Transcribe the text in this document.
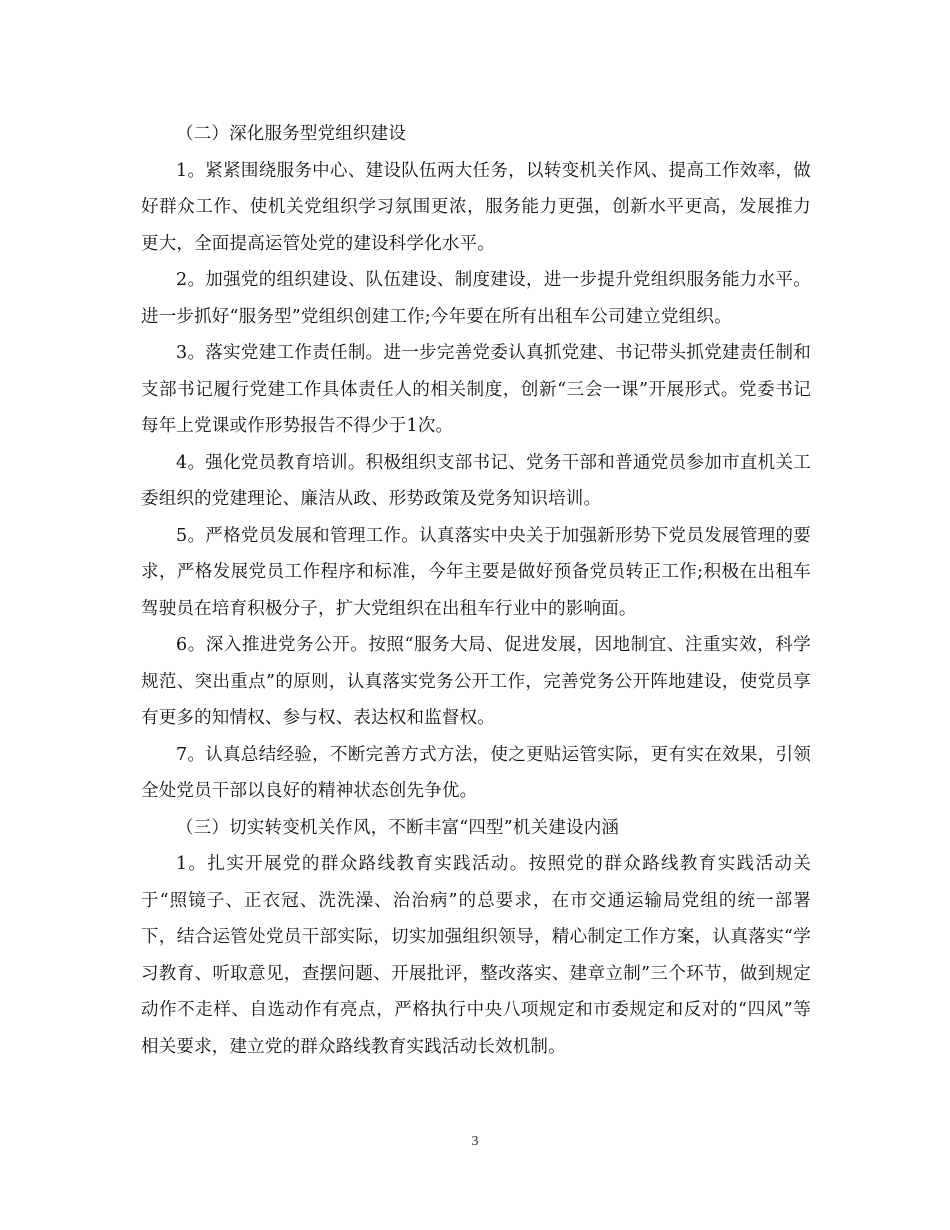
（二）深化服务型党组织建设

1。紧紧围绕服务中心、建设队伍两大任务，以转变机关作风、提高工作效率，做好群众工作、使机关党组织学习氛围更浓，服务能力更强，创新水平更高，发展推力更大，全面提高运管处党的建设科学化水平。

2。加强党的组织建设、队伍建设、制度建设，进一步提升党组织服务能力水平。进一步抓好“服务型”党组织创建工作;今年要在所有出租车公司建立党组织。

3。落实党建工作责任制。进一步完善党委认真抓党建、书记带头抓党建责任制和支部书记履行党建工作具体责任人的相关制度，创新“三会一课”开展形式。党委书记每年上党课或作形势报告不得少于1次。

4。强化党员教育培训。积极组织支部书记、党务干部和普通党员参加市直机关工委组织的党建理论、廉洁从政、形势政策及党务知识培训。

5。严格党员发展和管理工作。认真落实中央关于加强新形势下党员发展管理的要求，严格发展党员工作程序和标准，今年主要是做好预备党员转正工作;积极在出租车驾驶员在培育积极分子，扩大党组织在出租车行业中的影响面。

6。深入推进党务公开。按照“服务大局、促进发展，因地制宜、注重实效，科学规范、突出重点”的原则，认真落实党务公开工作，完善党务公开阵地建设，使党员享有更多的知情权、参与权、表达权和监督权。

7。认真总结经验，不断完善方式方法，使之更贴运管实际，更有实在效果，引领全处党员干部以良好的精神状态创先争优。

（三）切实转变机关作风，不断丰富“四型”机关建设内涵

1。扎实开展党的群众路线教育实践活动。按照党的群众路线教育实践活动关于“照镜子、正衣冠、洗洗澡、治治病”的总要求，在市交通运输局党组的统一部署下，结合运管处党员干部实际，切实加强组织领导，精心制定工作方案，认真落实“学习教育、听取意见，查摆问题、开展批评，整改落实、建章立制”三个环节，做到规定动作不走样、自选动作有亮点，严格执行中央八项规定和市委规定和反对的“四风”等相关要求，建立党的群众路线教育实践活动长效机制。

3
